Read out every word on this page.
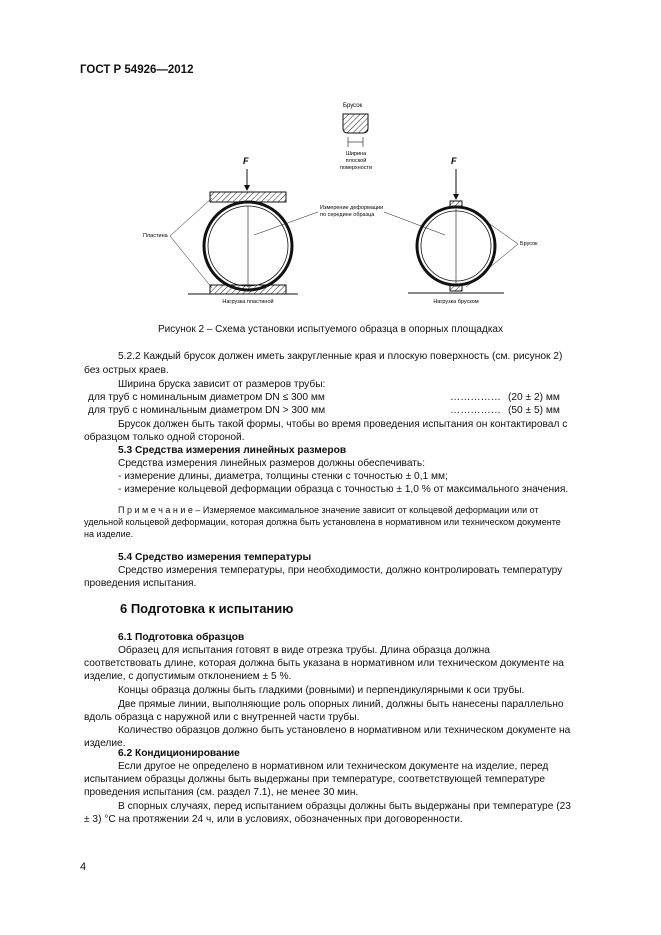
ГОСТ Р 54926—2012
Брусок
Ширина
плоской
поверхности
F
Пластина
Нагрузка пластиной
Измерение деформации
по середине образца
F
Брусок
Нагрузка бруском
Рисунок 2 – Схема установки испытуемого образца в опорных площадках
5.2.2 Каждый брусок должен иметь закругленные края и плоскую поверхность (см. рисунок 2)
без острых краев.
Ширина бруска зависит от размеров трубы:
для труб с номинальным диаметром DN ≤ 300 мм	…………… (20 ± 2) мм
для труб с номинальным диаметром DN > 300 мм	…………… (50 ± 5) мм
Брусок должен быть такой формы, чтобы во время проведения испытания он контактировал с
образцом только одной стороной.
5.3 Средства измерения линейных размеров
Средства измерения линейных размеров должны обеспечивать:
- измерение длины, диаметра, толщины стенки с точностью ± 0,1 мм;
- измерение кольцевой деформации образца с точностью ± 1,0 % от максимального значения.
П р и м е ч а н и е – Измеряемое максимальное значение зависит от кольцевой деформации или от
удельной кольцевой деформации, которая должна быть установлена в нормативном или техническом документе
на изделие.
5.4 Средство измерения температуры
Средство измерения температуры, при необходимости, должно контролировать температуру
проведения испытания.
6 Подготовка к испытанию
6.1 Подготовка образцов
Образец для испытания готовят в виде отрезка трубы. Длина образца должна
соответствовать длине, которая должна быть указана в нормативном или техническом документе на
изделие, с допустимым отклонением ± 5 %.
Концы образца должны быть гладкими (ровными) и перпендикулярными к оси трубы.
Две прямые линии, выполняющие роль опорных линий, должны быть нанесены параллельно
вдоль образца с наружной или с внутренней части трубы.
Количество образцов должно быть установлено в нормативном или техническом документе на
изделие.
6.2 Кондиционирование
Если другое не определено в нормативном или техническом документе на изделие, перед
испытанием образцы должны быть выдержаны при температуре, соответствующей температуре
проведения испытания (см. раздел 7.1), не менее 30 мин.
В спорных случаях, перед испытанием образцы должны быть выдержаны при температуре (23
± 3) °С на протяжении 24 ч, или в условиях, обозначенных при договоренности.
4
